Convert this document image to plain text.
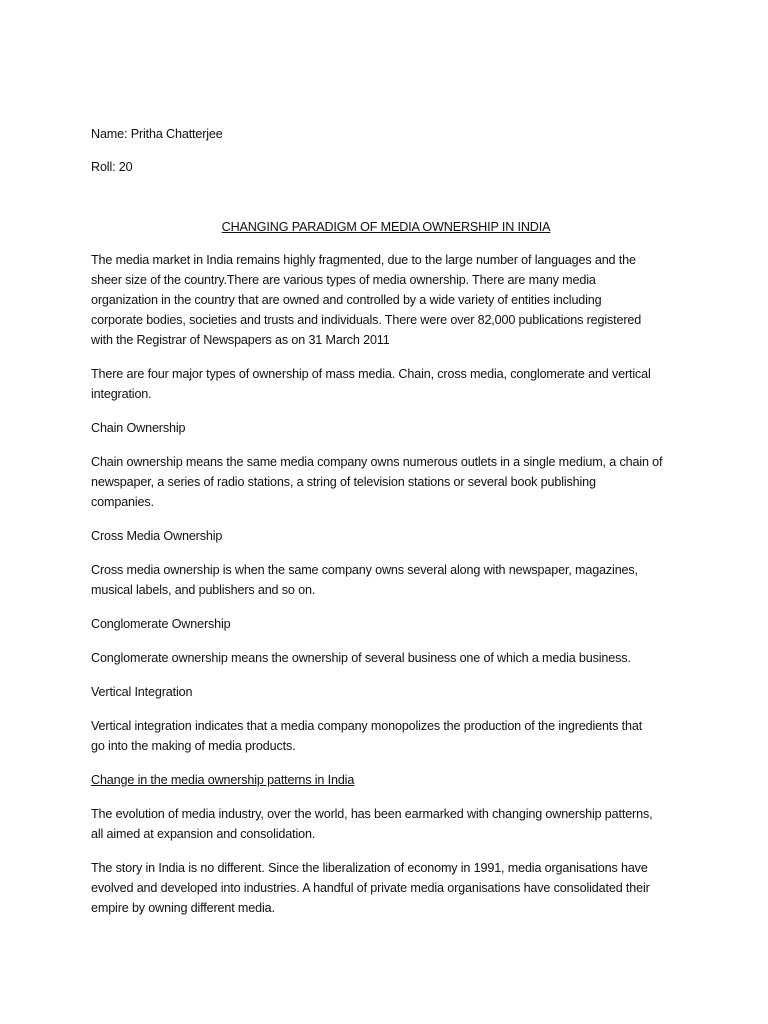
Name: Pritha Chatterjee

Roll: 20

CHANGING PARADIGM OF MEDIA OWNERSHIP IN INDIA

The media market in India remains highly fragmented, due to the large number of languages and the

sheer size of the country.There are various types of media ownership. There are many media

organization in the country that are owned and controlled by a wide variety of entities including

corporate bodies, societies and trusts and individuals. There were over 82,000 publications registered

with the Registrar of Newspapers as on 31 March 2011

There are four major types of ownership of mass media. Chain, cross media, conglomerate and vertical

integration.

Chain Ownership

Chain ownership means the same media company owns numerous outlets in a single medium, a chain of

newspaper, a series of radio stations, a string of television stations or several book publishing

companies.

Cross Media Ownership

Cross media ownership is when the same company owns several along with newspaper, magazines,

musical labels, and publishers and so on.

Conglomerate Ownership

Conglomerate ownership means the ownership of several business one of which a media business.

Vertical Integration

Vertical integration indicates that a media company monopolizes the production of the ingredients that

go into the making of media products.

Change in the media ownership patterns in India

The evolution of media industry, over the world, has been earmarked with changing ownership patterns,

all aimed at expansion and consolidation.

The story in India is no different. Since the liberalization of economy in 1991, media organisations have

evolved and developed into industries. A handful of private media organisations have consolidated their

empire by owning different media.
